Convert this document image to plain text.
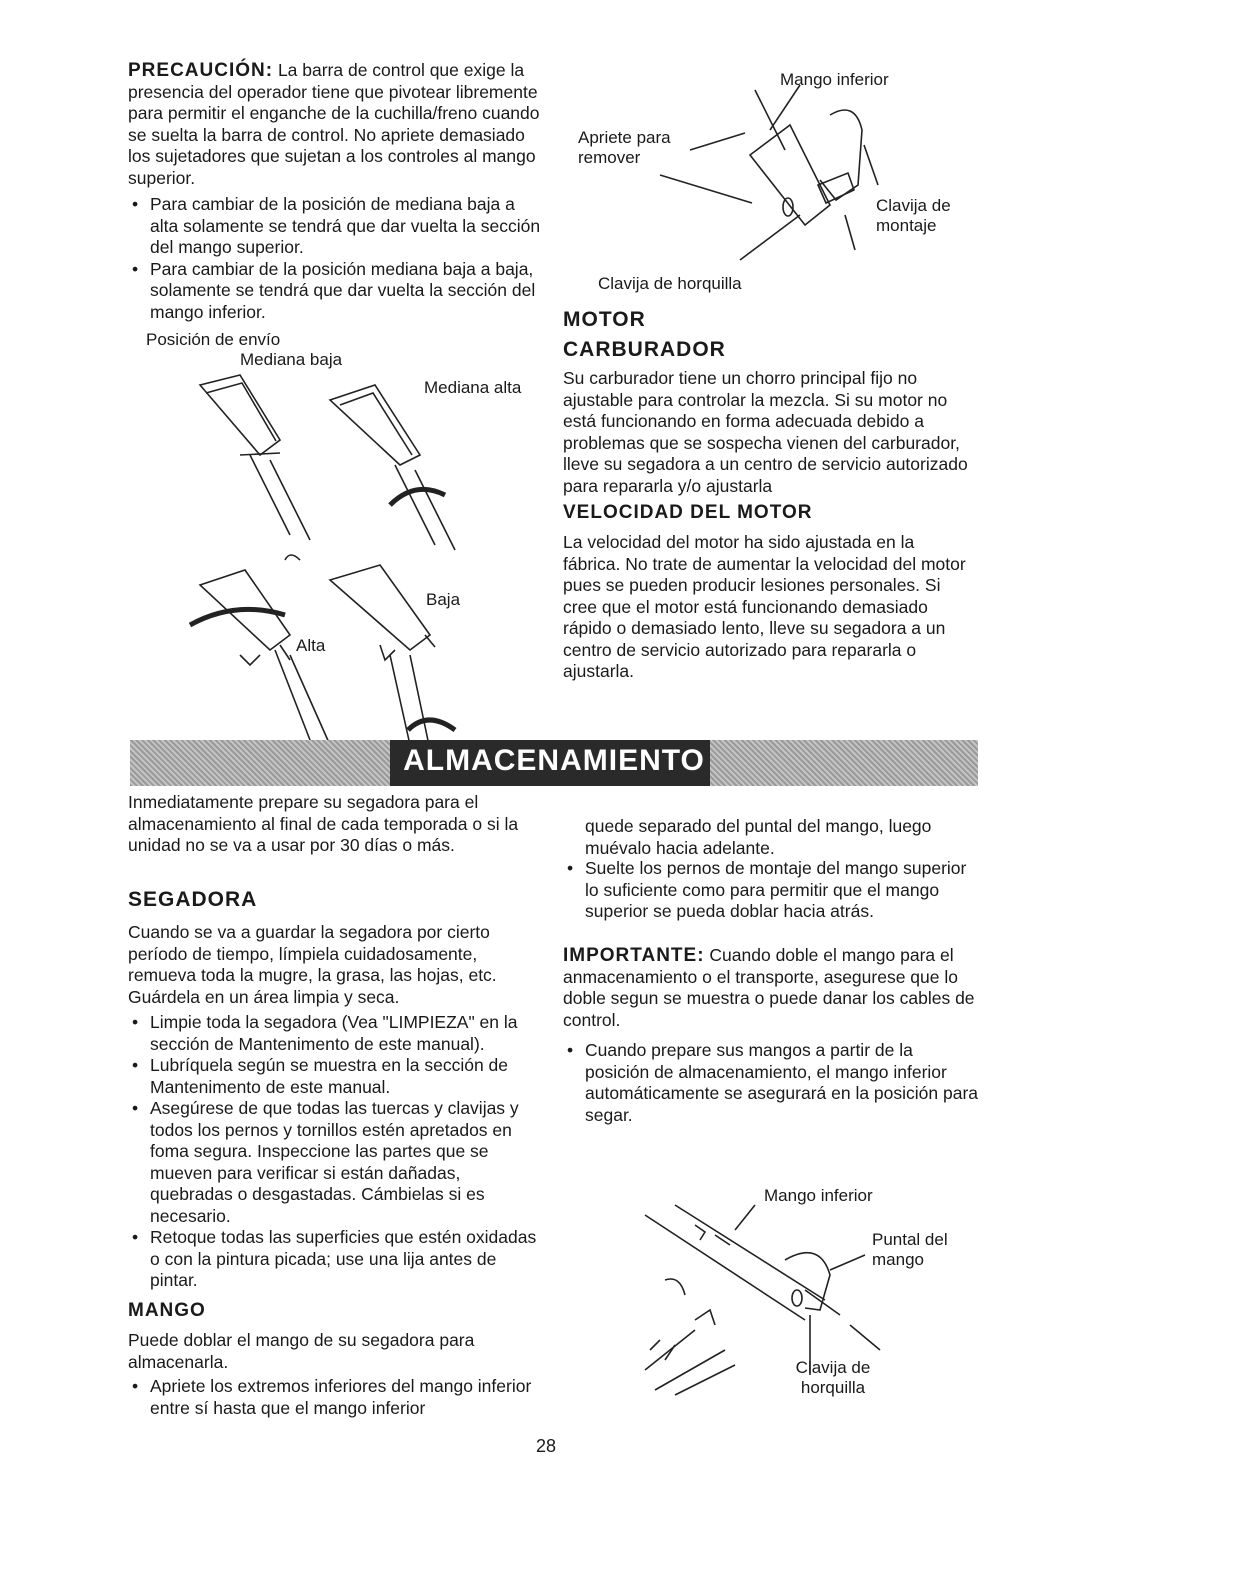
PRECAUCIÓN: La barra de control que exige la presencia del operador tiene que pivotear libremente para permitir el enganche de la cuchilla/freno cuando se suelta la barra de control. No apriete demasiado los sujetadores que sujetan a los controles al mango superior.
• Para cambiar de la posición de mediana baja a alta solamente se tendrá que dar vuelta la sección del mango superior.
• Para cambiar de la posición mediana baja a baja, solamente se tendrá que dar vuelta la sección del mango inferior.
Posición de envío
Mediana baja
Mediana alta
Alta
Baja
Mango inferior
Apriete para remover
Clavija de montaje
Clavija de horquilla
MOTOR
CARBURADOR
Su carburador tiene un chorro principal fijo no ajustable para controlar la mezcla. Si su motor no está funcionando en forma adecuada debido a problemas que se sospecha vienen del carburador, lleve su segadora a un centro de servicio autorizado para repararla y/o ajustarla
VELOCIDAD DEL MOTOR
La velocidad del motor ha sido ajustada en la fábrica. No trate de aumentar la velocidad del motor pues se pueden producir lesiones personales. Si cree que el motor está funcionando demasiado rápido o demasiado lento, lleve su segadora a un centro de servicio autorizado para repararla o ajustarla.
ALMACENAMIENTO
Inmediatamente prepare su segadora para el almacenamiento al final de cada temporada o si la unidad no se va a usar por 30 días o más.
SEGADORA
Cuando se va a guardar la segadora por cierto período de tiempo, límpiela cuidadosamente, remueva toda la mugre, la grasa, las hojas, etc. Guárdela en un área limpia y seca.
• Limpie toda la segadora (Vea "LIMPIEZA" en la sección de Mantenimento de este manual).
• Lubríquela según se muestra en la sección de Mantenimento de este manual.
• Asegúrese de que todas las tuercas y clavijas y todos los pernos y tornillos estén apretados en foma segura. Inspeccione las partes que se mueven para verificar si están dañadas, quebradas o desgastadas. Cámbielas si es necesario.
• Retoque todas las superficies que estén oxidadas o con la pintura picada; use una lija antes de pintar.
MANGO
Puede doblar el mango de su segadora para almacenarla.
• Apriete los extremos inferiores del mango inferior entre sí hasta que el mango inferior
quede separado del puntal del mango, luego muévalo hacia adelante.
• Suelte los pernos de montaje del mango superior lo suficiente como para permitir que el mango superior se pueda doblar hacia atrás.
IMPORTANTE: Cuando doble el mango para el anmacenamiento o el transporte, asegurese que lo doble segun se muestra o puede danar los cables de control.
• Cuando prepare sus mangos a partir de la posición de almacenamiento, el mango inferior automáticamente se asegurará en la posición para segar.
Mango inferior
Puntal del mango
Clavija de horquilla
28
